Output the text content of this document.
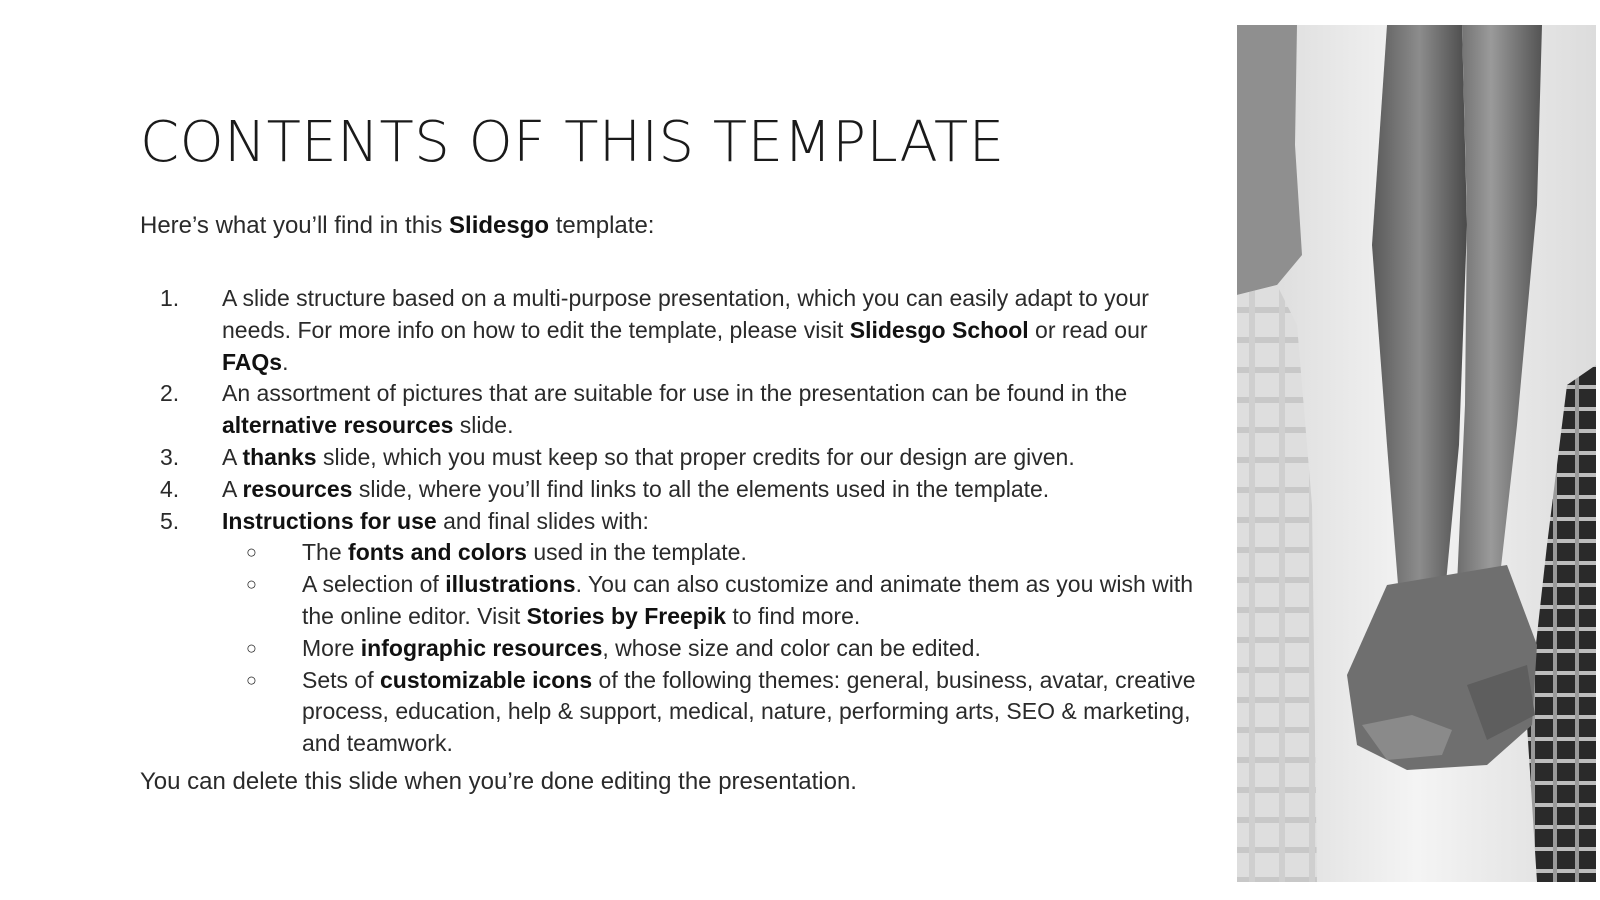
CONTENTS OF THIS TEMPLATE

Here’s what you’ll find in this Slidesgo template:

1. A slide structure based on a multi-purpose presentation, which you can easily adapt to your needs. For more info on how to edit the template, please visit Slidesgo School or read our FAQs.
2. An assortment of pictures that are suitable for use in the presentation can be found in the alternative resources slide.
3. A thanks slide, which you must keep so that proper credits for our design are given.
4. A resources slide, where you’ll find links to all the elements used in the template.
5. Instructions for use and final slides with:
○ The fonts and colors used in the template.
○ A selection of illustrations. You can also customize and animate them as you wish with the online editor. Visit Stories by Freepik to find more.
○ More infographic resources, whose size and color can be edited.
○ Sets of customizable icons of the following themes: general, business, avatar, creative process, education, help & support, medical, nature, performing arts, SEO & marketing, and teamwork.

You can delete this slide when you’re done editing the presentation.
